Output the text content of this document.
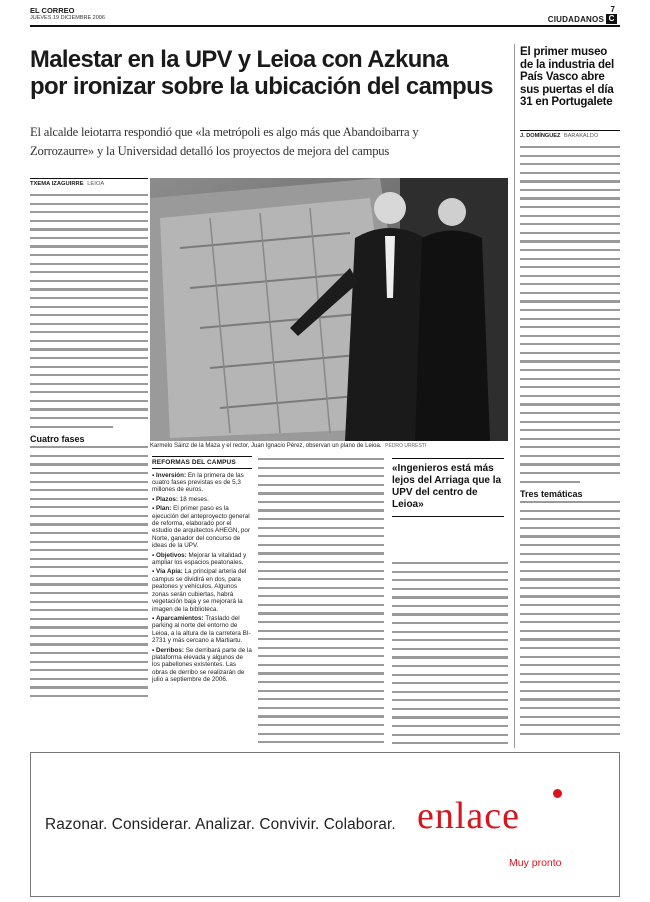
EL CORREO
JUEVES 19 DICIEMBRE 2006
7
CIUDADANOS C
Malestar en la UPV y Leioa con Azkuna
por ironizar sobre la ubicación del campus
El alcalde leiotarra respondió que «la metrópoli es algo más que Abandoibarra y
Zorrozaurre» y la Universidad detalló los proyectos de mejora del campus
TXEMA IZAGUIRRE LEIOA
Cuatro fases
Karmelo Sáinz de la Maza y el rector, Juan Ignacio Pérez, observan un plano de Leioa. PEDRO URRESTI
REFORMAS DEL CAMPUS
▪ Inversión: En la primera de las cuatro fases previstas es de 5,3 millones de euros.
▪ Plazos: 18 meses.
▪ Plan: El primer paso es la ejecución del anteproyecto general de reforma, elaborado por el estudio de arquitectos AHEGN, por Norte, ganador del concurso de ideas de la UPV.
▪ Objetivos: Mejorar la vitalidad y ampliar los espacios peatonales.
▪ Vía Apia: La principal arteria del campus se dividirá en dos, para peatones y vehículos. Algunos zonas serán cubiertas, habrá vegetación baja y se mejorará la imagen de la biblioteca.
▪ Aparcamientos: Traslado del parking al norte del entorno de Leioa, a la altura de la carretera BI-2731 y más cercano a Martiartu.
▪ Derribos: Se derribará parte de la plataforma elevada y algunos de los pabellones existentes. Las obras de derribo se realizarán de julio a septiembre de 2006.
«Ingenieros está más lejos del Arriaga que la UPV del centro de Leioa»
El primer museo
de la industria del
País Vasco abre
sus puertas el día
31 en Portugalete
J. DOMÍNGUEZ BARAKALDO
Tres temáticas
Razonar. Considerar. Analizar. Convivir. Colaborar. enlace
Muy pronto
